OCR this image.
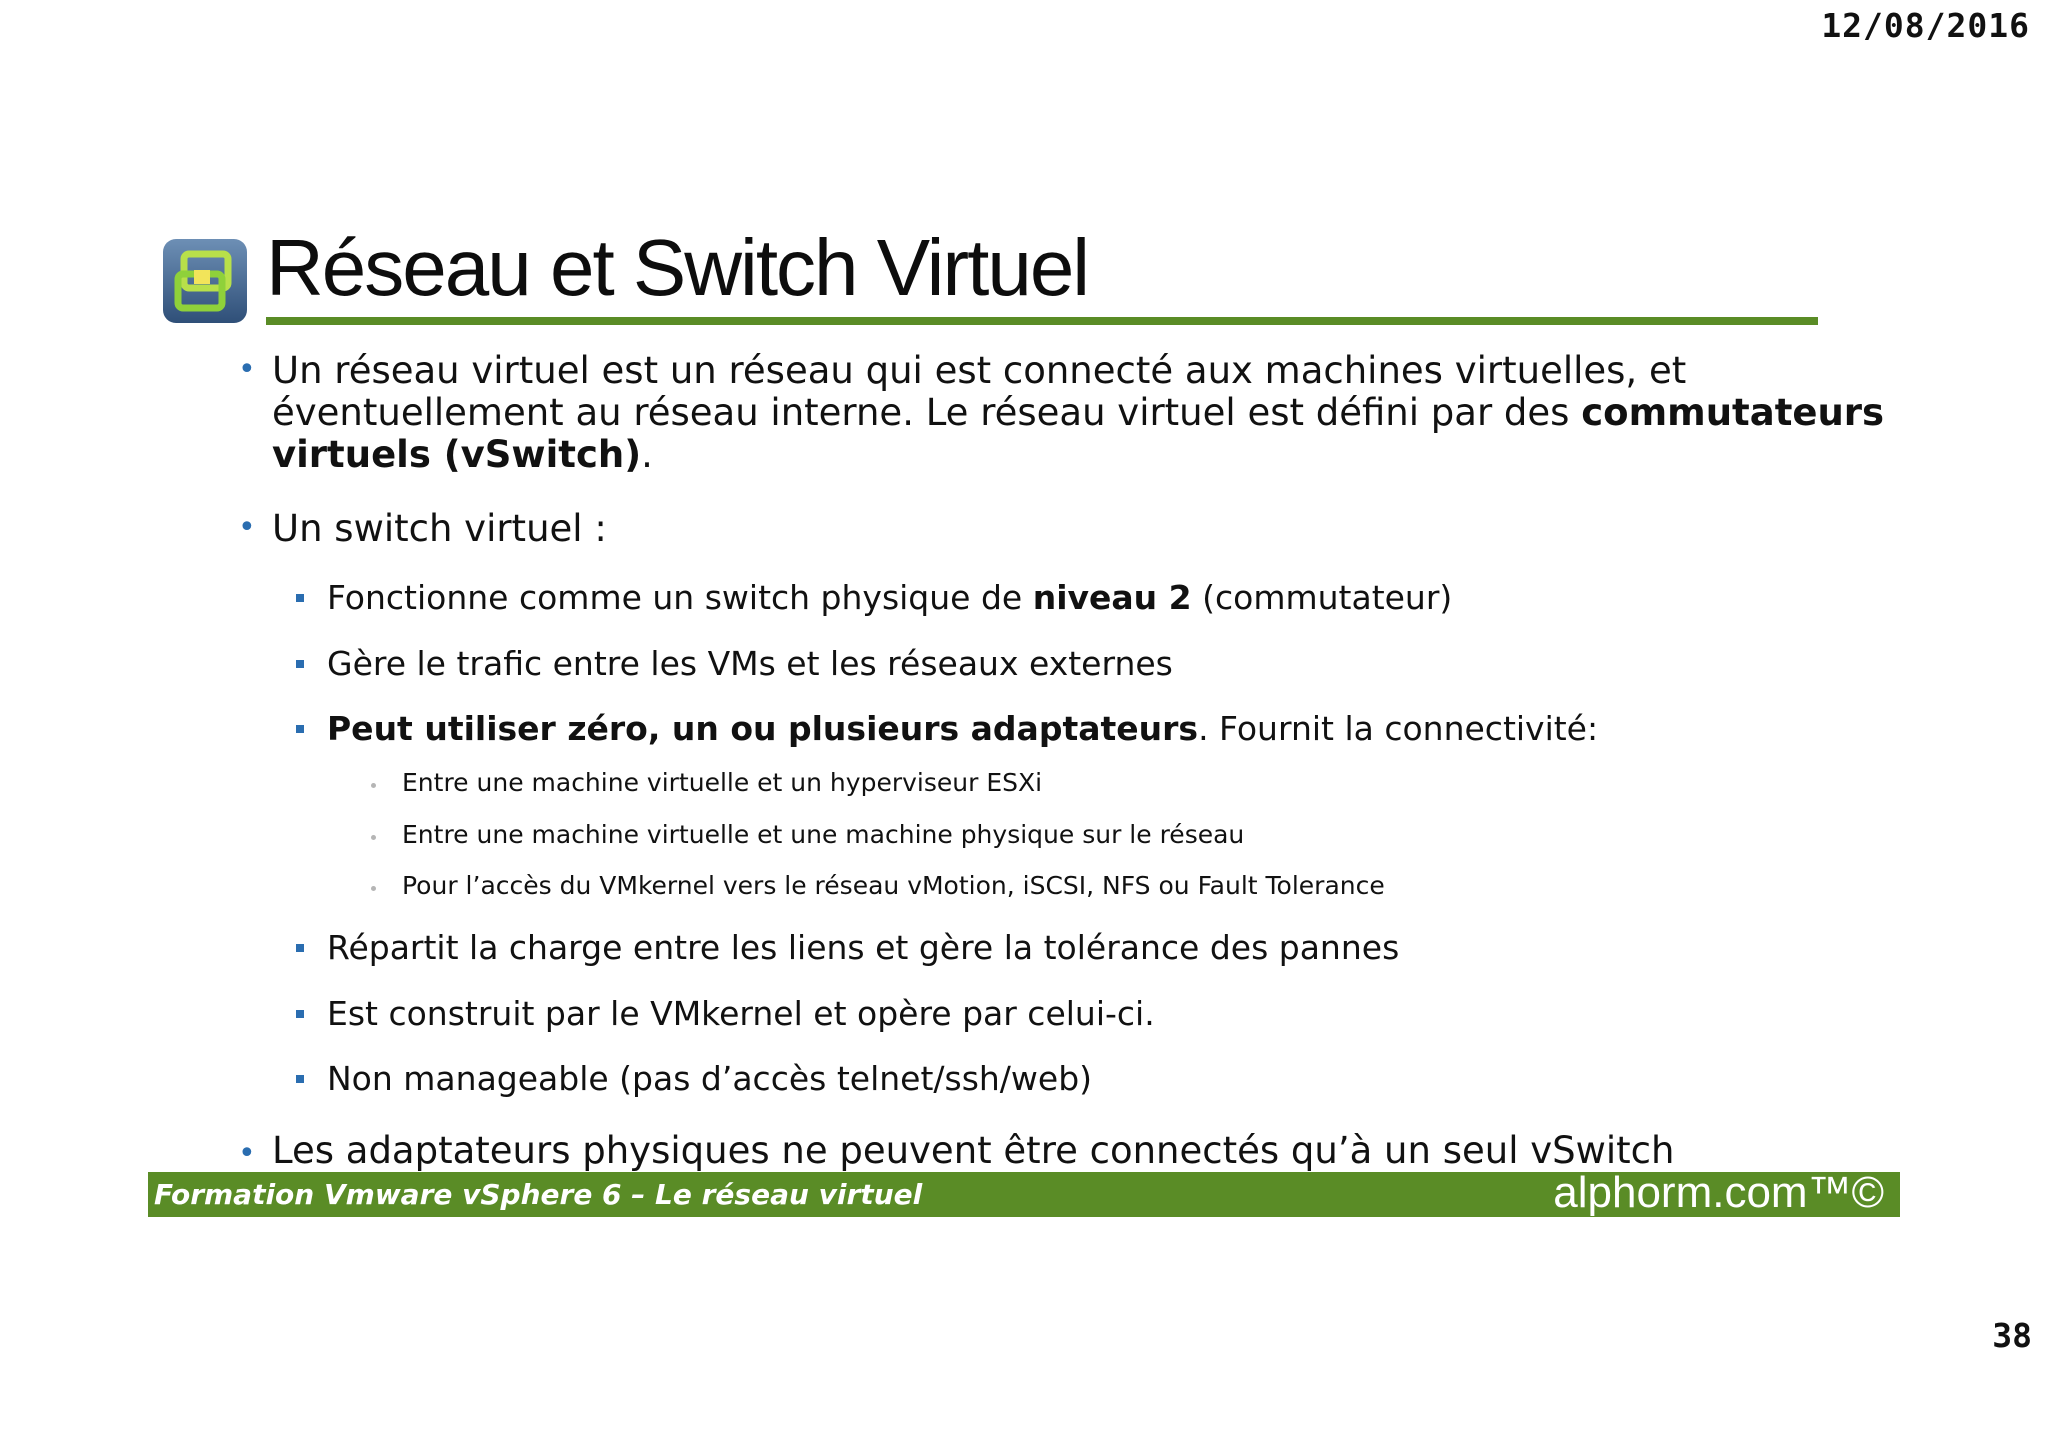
12/08/2016
Réseau et Switch Virtuel
• Un réseau virtuel est un réseau qui est connecté aux machines virtuelles, et
éventuellement au réseau interne. Le réseau virtuel est défini par des commutateurs
virtuels (vSwitch).
• Un switch virtuel :
Fonctionne comme un switch physique de niveau 2 (commutateur)
Gère le trafic entre les VMs et les réseaux externes
Peut utiliser zéro, un ou plusieurs adaptateurs. Fournit la connectivité:
Entre une machine virtuelle et un hyperviseur ESXi
Entre une machine virtuelle et une machine physique sur le réseau
Pour l’accès du VMkernel vers le réseau vMotion, iSCSI, NFS ou Fault Tolerance
Répartit la charge entre les liens et gère la tolérance des pannes
Est construit par le VMkernel et opère par celui-ci.
Non manageable (pas d’accès telnet/ssh/web)
• Les adaptateurs physiques ne peuvent être connectés qu’à un seul vSwitch
Formation Vmware vSphere 6 – Le réseau virtuel	alphorm.com™©
38
